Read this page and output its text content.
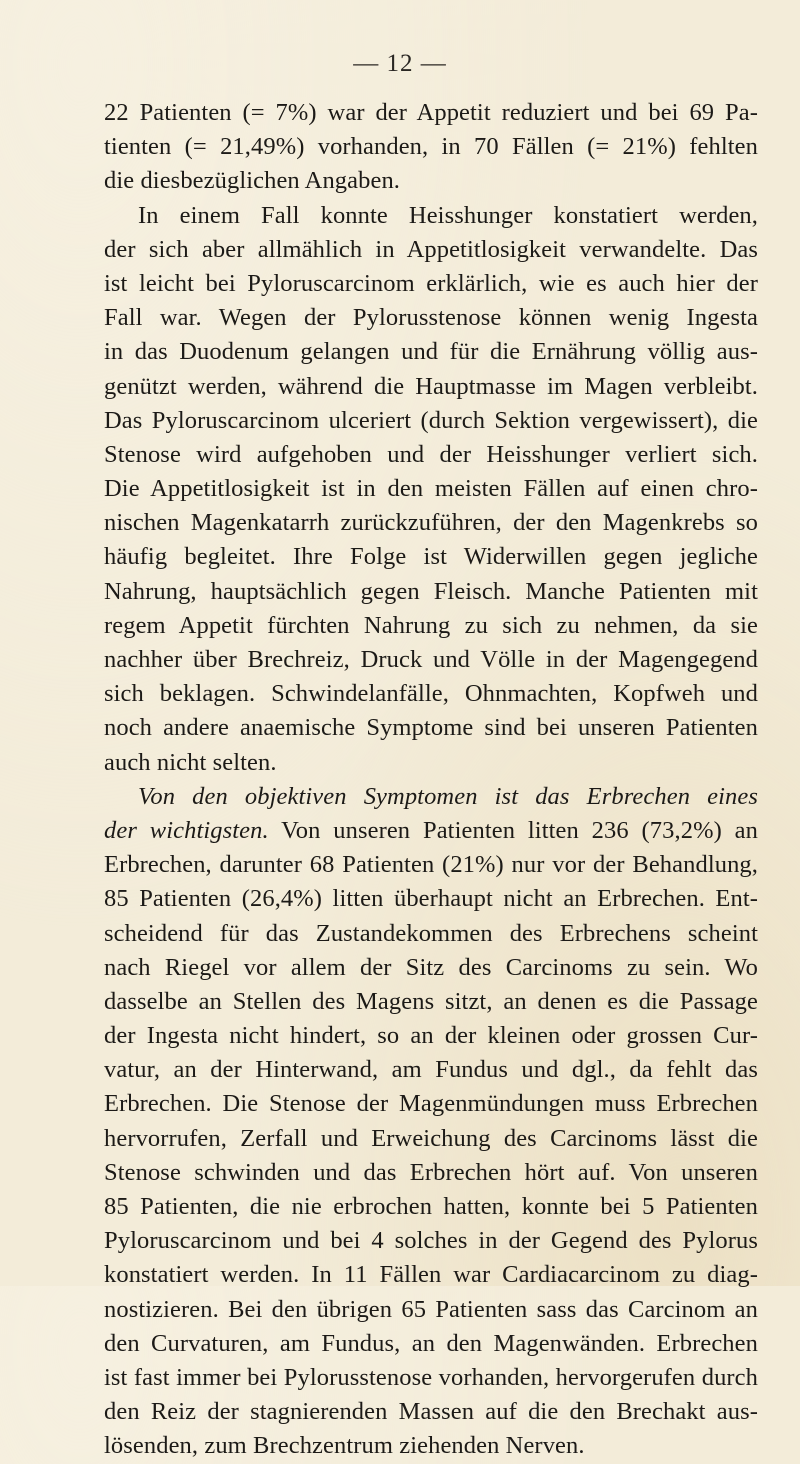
— 12 —
22 Patienten (= 7%) war der Appetit reduziert und bei 69 Pa-
tienten (= 21,49%) vorhanden, in 70 Fällen (= 21%) fehlten
die diesbezüglichen Angaben.
In einem Fall konnte Heisshunger konstatiert werden,
der sich aber allmählich in Appetitlosigkeit verwandelte. Das
ist leicht bei Pyloruscarcinom erklärlich, wie es auch hier der
Fall war. Wegen der Pylorusstenose können wenig Ingesta
in das Duodenum gelangen und für die Ernährung völlig aus-
genützt werden, während die Hauptmasse im Magen verbleibt.
Das Pyloruscarcinom ulceriert (durch Sektion vergewissert), die
Stenose wird aufgehoben und der Heisshunger verliert sich.
Die Appetitlosigkeit ist in den meisten Fällen auf einen chro-
nischen Magenkatarrh zurückzuführen, der den Magenkrebs so
häufig begleitet. Ihre Folge ist Widerwillen gegen jegliche
Nahrung, hauptsächlich gegen Fleisch. Manche Patienten mit
regem Appetit fürchten Nahrung zu sich zu nehmen, da sie
nachher über Brechreiz, Druck und Völle in der Magengegend
sich beklagen. Schwindelanfälle, Ohnmachten, Kopfweh und
noch andere anaemische Symptome sind bei unseren Patienten
auch nicht selten.
Von den objektiven Symptomen ist das Erbrechen eines
der wichtigsten. Von unseren Patienten litten 236 (73,2%) an
Erbrechen, darunter 68 Patienten (21%) nur vor der Behandlung,
85 Patienten (26,4%) litten überhaupt nicht an Erbrechen. Ent-
scheidend für das Zustandekommen des Erbrechens scheint
nach Riegel vor allem der Sitz des Carcinoms zu sein. Wo
dasselbe an Stellen des Magens sitzt, an denen es die Passage
der Ingesta nicht hindert, so an der kleinen oder grossen Cur-
vatur, an der Hinterwand, am Fundus und dgl., da fehlt das
Erbrechen. Die Stenose der Magenmündungen muss Erbrechen
hervorrufen, Zerfall und Erweichung des Carcinoms lässt die
Stenose schwinden und das Erbrechen hört auf. Von unseren
85 Patienten, die nie erbrochen hatten, konnte bei 5 Patienten
Pyloruscarcinom und bei 4 solches in der Gegend des Pylorus
konstatiert werden. In 11 Fällen war Cardiacarcinom zu diag-
nostizieren. Bei den übrigen 65 Patienten sass das Carcinom an
den Curvaturen, am Fundus, an den Magenwänden. Erbrechen
ist fast immer bei Pylorusstenose vorhanden, hervorgerufen durch
den Reiz der stagnierenden Massen auf die den Brechakt aus-
lösenden, zum Brechzentrum ziehenden Nerven.
